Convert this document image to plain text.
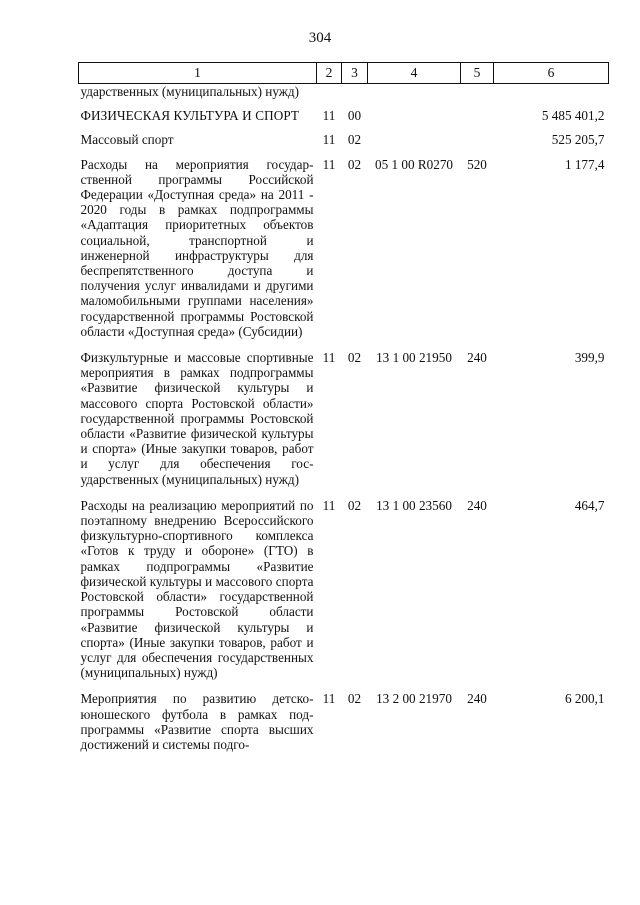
304
1	2	3	4	5	6
ударственных (муниципальных) нужд)					
ФИЗИЧЕСКАЯ КУЛЬТУРА И СПОРТ	11	00			5 485 401,2
Массовый спорт	11	02			525 205,7
Расходы на мероприятия государственной программы Российской Федерации «Доступная среда» на 2011 - 2020 годы в рамках подпрограммы «Адаптация приоритетных объектов социальной, транспортной и инженерной инфраструктуры для беспрепятственного доступа и получения услуг инвалидами и другими маломобильными группами населения» государственной программы Ростовской области «Доступная среда» (Субсидии)	11	02	05 1 00 R0270	520	1 177,4
Физкультурные и массовые спортивные мероприятия в рамках подпрограммы «Развитие физической культуры и массового спорта Ростовской области» государственной программы Ростовской области «Развитие физической культуры и спорта» (Иные закупки товаров, работ и услуг для обеспечения государственных (муниципальных) нужд)	11	02	13 1 00 21950	240	399,9
Расходы на реализацию мероприятий по поэтапному внедрению Всероссийского физкультурно-спортивного комплекса «Готов к труду и обороне» (ГТО) в рамках подпрограммы «Развитие физической культуры и массового спорта Ростовской области» государственной программы Ростовской области «Развитие физической культуры и спорта» (Иные закупки товаров, работ и услуг для обеспечения государственных (муниципальных) нужд)	11	02	13 1 00 23560	240	464,7
Мероприятия по развитию детско-юношеского футбола в рамках подпрограммы «Развитие спорта высших достижений и системы подго-	11	02	13 2 00 21970	240	6 200,1
